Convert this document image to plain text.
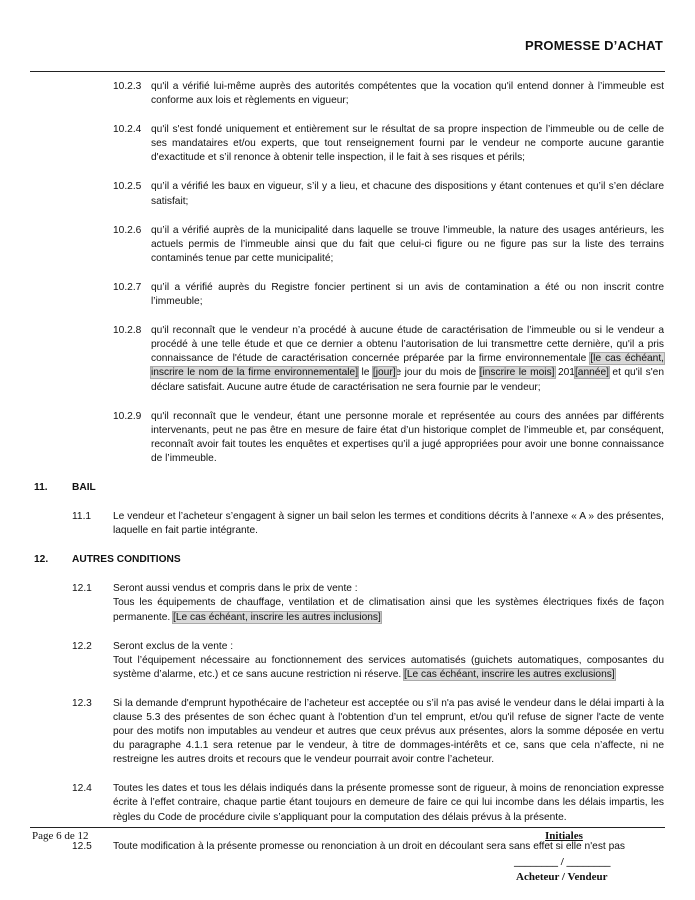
PROMESSE D’ACHAT
10.2.3 qu'il a vérifié lui-même auprès des autorités compétentes que la vocation qu'il entend donner à l’immeuble est conforme aux lois et règlements en vigueur;
10.2.4 qu'il s'est fondé uniquement et entièrement sur le résultat de sa propre inspection de l’immeuble ou de celle de ses mandataires et/ou experts, que tout renseignement fourni par le vendeur ne comporte aucune garantie d'exactitude et s’il renonce à obtenir telle inspection, il le fait à ses risques et périls;
10.2.5 qu’il a vérifié les baux en vigueur, s’il y a lieu, et chacune des dispositions y étant contenues et qu’il s’en déclare satisfait;
10.2.6 qu’il a vérifié auprès de la municipalité dans laquelle se trouve l’immeuble, la nature des usages antérieurs, les actuels permis de l’immeuble ainsi que du fait que celui-ci figure ou ne figure pas sur la liste des terrains contaminés tenue par cette municipalité;
10.2.7 qu’il a vérifié auprès du Registre foncier pertinent si un avis de contamination a été ou non inscrit contre l’immeuble;
10.2.8 qu'il reconnaît que le vendeur n’a procédé à aucune étude de caractérisation de l’immeuble ou si le vendeur a procédé à une telle étude et que ce dernier a obtenu l’autorisation de lui transmettre cette dernière, qu'il a pris connaissance de l'étude de caractérisation concernée préparée par la firme environnementale [le cas échéant, inscrire le nom de la firme environnementale] le [jour]e jour du mois de [inscrire le mois] 201[année] et qu'il s'en déclare satisfait. Aucune autre étude de caractérisation ne sera fournie par le vendeur;
10.2.9 qu'il reconnaît que le vendeur, étant une personne morale et représentée au cours des années par différents intervenants, peut ne pas être en mesure de faire état d’un historique complet de l’immeuble et, par conséquent, reconnaît avoir fait toutes les enquêtes et expertises qu’il a jugé appropriées pour avoir une bonne connaissance de l’immeuble.
11. BAIL
11.1 Le vendeur et l’acheteur s’engagent à signer un bail selon les termes et conditions décrits à l’annexe « A » des présentes, laquelle en fait partie intégrante.
12. AUTRES CONDITIONS
12.1 Seront aussi vendus et compris dans le prix de vente :
Tous les équipements de chauffage, ventilation et de climatisation ainsi que les systèmes électriques fixés de façon permanente. [Le cas échéant, inscrire les autres inclusions]
12.2 Seront exclus de la vente :
Tout l’équipement nécessaire au fonctionnement des services automatisés (guichets automatiques, composantes du système d’alarme, etc.) et ce sans aucune restriction ni réserve. [Le cas échéant, inscrire les autres exclusions]
12.3 Si la demande d'emprunt hypothécaire de l’acheteur est acceptée ou s’il n'a pas avisé le vendeur dans le délai imparti à la clause 5.3 des présentes de son échec quant à l'obtention d’un tel emprunt, et/ou qu'il refuse de signer l'acte de vente pour des motifs non imputables au vendeur et autres que ceux prévus aux présentes, alors la somme déposée en vertu du paragraphe 4.1.1 sera retenue par le vendeur, à titre de dommages-intérêts et ce, sans que cela n’affecte, ni ne restreigne les autres droits et recours que le vendeur pourrait avoir contre l’acheteur.
12.4 Toutes les dates et tous les délais indiqués dans la présente promesse sont de rigueur, à moins de renonciation expresse écrite à l’effet contraire, chaque partie étant toujours en demeure de faire ce qui lui incombe dans les délais impartis, les règles du Code de procédure civile s’appliquant pour la computation des délais prévus à la présente.
12.5 Toute modification à la présente promesse ou renonciation à un droit en découlant sera sans effet si elle n'est pas
Page 6 de 12	Initiales
________ / ________
Acheteur / Vendeur
